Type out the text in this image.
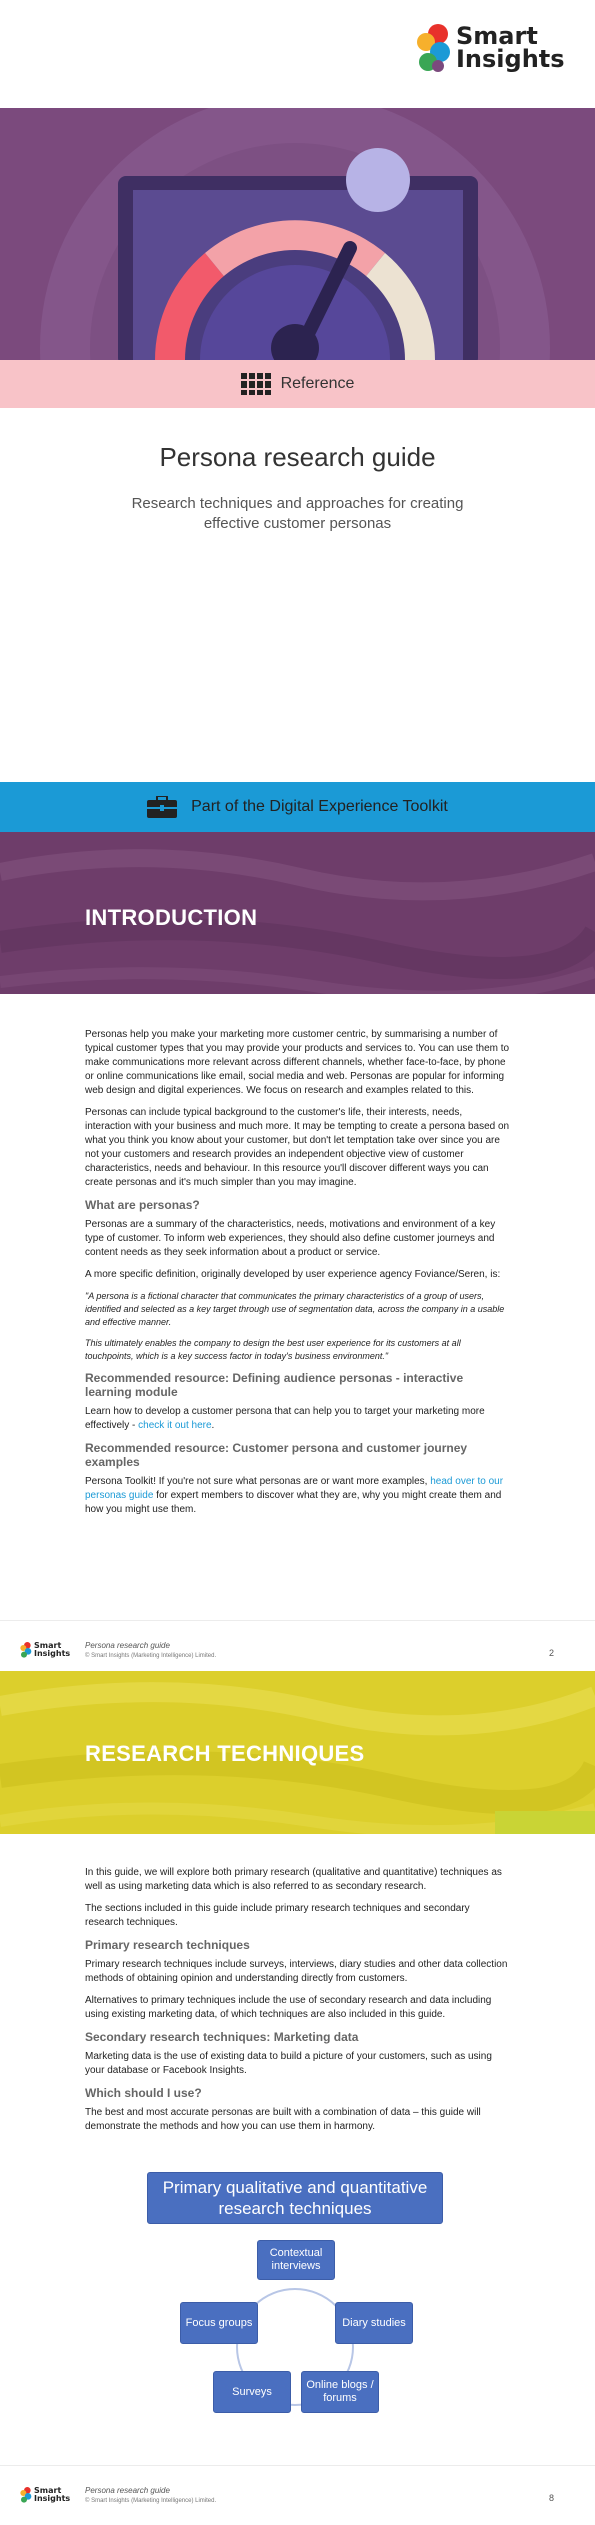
Smart
Insights
Reference
Persona research guide
Research techniques and approaches for creating effective customer personas
Part of the Digital Experience Toolkit
INTRODUCTION

Personas help you make your marketing more customer centric, by summarising a number of typical customer types that you may provide your products and services to. You can use them to make communications more relevant across different channels, whether face-to-face, by phone or online communications like email, social media and web. Personas are popular for informing web design and digital experiences. We focus on research and examples related to this.

Personas can include typical background to the customer's life, their interests, needs, interaction with your business and much more. It may be tempting to create a persona based on what you think you know about your customer, but don't let temptation take over since you are not your customers and research provides an independent objective view of customer characteristics, needs and behaviour. In this resource you'll discover different ways you can create personas and it's much simpler than you may imagine.

What are personas?

Personas are a summary of the characteristics, needs, motivations and environment of a key type of customer. To inform web experiences, they should also define customer journeys and content needs as they seek information about a product or service.

A more specific definition, originally developed by user experience agency Foviance/Seren, is:

"A persona is a fictional character that communicates the primary characteristics of a group of users, identified and selected as a key target through use of segmentation data, across the company in a usable and effective manner.

This ultimately enables the company to design the best user experience for its customers at all touchpoints, which is a key success factor in today's business environment."

Recommended resource: Defining audience personas - interactive learning module

Learn how to develop a customer persona that can help you to target your marketing more effectively - check it out here.

Recommended resource: Customer persona and customer journey examples

Persona Toolkit! If you're not sure what personas are or want more examples, head over to our personas guide for expert members to discover what they are, why you might create them and how you might use them.

Smart
Insights
Persona research guide
© Smart Insights (Marketing Intelligence) Limited.	2
RESEARCH TECHNIQUES

In this guide, we will explore both primary research (qualitative and quantitative) techniques as well as using marketing data which is also referred to as secondary research.

The sections included in this guide include primary research techniques and secondary research techniques.

Primary research techniques

Primary research techniques include surveys, interviews, diary studies and other data collection methods of obtaining opinion and understanding directly from customers.

Alternatives to primary techniques include the use of secondary research and data including using existing marketing data, of which techniques are also included in this guide.

Secondary research techniques: Marketing data

Marketing data is the use of existing data to build a picture of your customers, such as using your database or Facebook Insights.

Which should I use?

The best and most accurate personas are built with a combination of data – this guide will demonstrate the methods and how you can use them in harmony.

Primary qualitative and quantitative research techniques
Contextual interviews
Focus groups	Diary studies
Surveys
Online blogs / forums
Smart
Insights
Persona research guide
© Smart Insights (Marketing Intelligence) Limited.	8
